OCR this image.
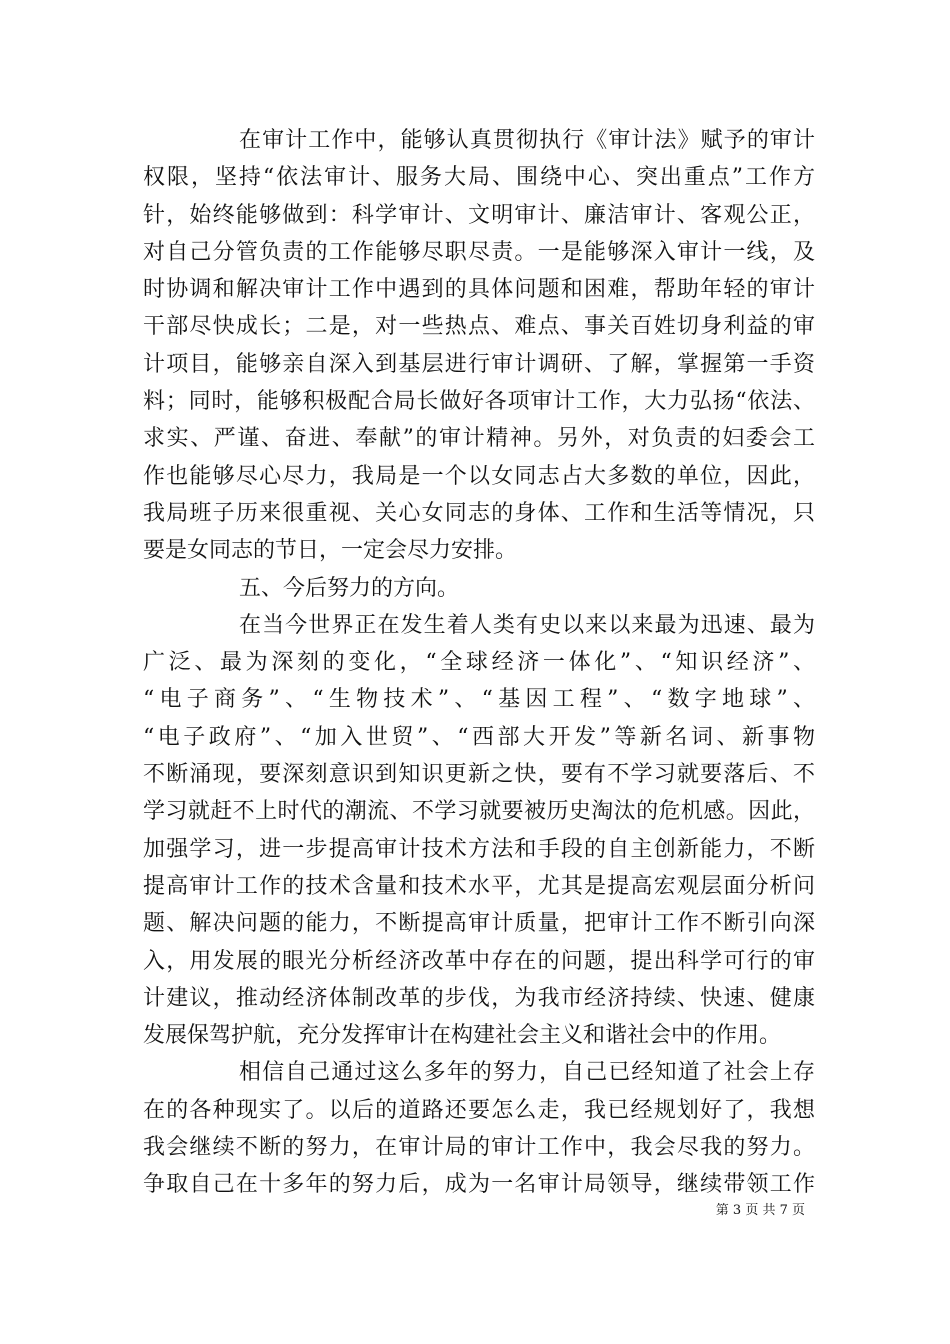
在审计工作中，能够认真贯彻执行《审计法》赋予的审计
权限，坚持“依法审计、服务大局、围绕中心、突出重点”工作方
针，始终能够做到：科学审计、文明审计、廉洁审计、客观公正，
对自己分管负责的工作能够尽职尽责。一是能够深入审计一线，及
时协调和解决审计工作中遇到的具体问题和困难，帮助年轻的审计
干部尽快成长；二是，对一些热点、难点、事关百姓切身利益的审
计项目，能够亲自深入到基层进行审计调研、了解，掌握第一手资
料；同时，能够积极配合局长做好各项审计工作，大力弘扬“依法、
求实、严谨、奋进、奉献”的审计精神。另外，对负责的妇委会工
作也能够尽心尽力，我局是一个以女同志占大多数的单位，因此，
我局班子历来很重视、关心女同志的身体、工作和生活等情况，只
要是女同志的节日，一定会尽力安排。
五、今后努力的方向。
在当今世界正在发生着人类有史以来以来最为迅速、最为
广泛、最为深刻的变化，“全球经济一体化”、“知识经济”、
“电子商务”、“生物技术”、“基因工程”、“数字地球”、
“电子政府”、“加入世贸”、“西部大开发”等新名词、新事物
不断涌现，要深刻意识到知识更新之快，要有不学习就要落后、不
学习就赶不上时代的潮流、不学习就要被历史淘汰的危机感。因此，
加强学习，进一步提高审计技术方法和手段的自主创新能力，不断
提高审计工作的技术含量和技术水平，尤其是提高宏观层面分析问
题、解决问题的能力，不断提高审计质量，把审计工作不断引向深
入，用发展的眼光分析经济改革中存在的问题，提出科学可行的审
计建议，推动经济体制改革的步伐，为我市经济持续、快速、健康
发展保驾护航，充分发挥审计在构建社会主义和谐社会中的作用。
相信自己通过这么多年的努力，自己已经知道了社会上存
在的各种现实了。以后的道路还要怎么走，我已经规划好了，我想
我会继续不断的努力，在审计局的审计工作中，我会尽我的努力。
争取自己在十多年的努力后，成为一名审计局领导，继续带领工作
第 3 页 共 7 页
